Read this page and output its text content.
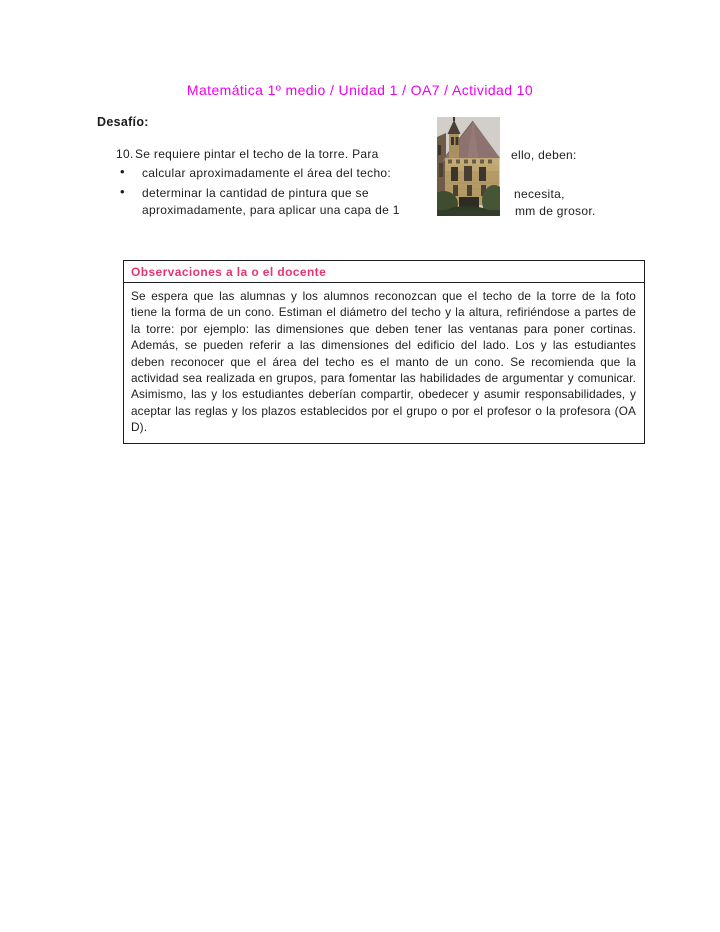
Matemática 1º medio / Unidad 1 / OA7 / Actividad 10
Desafío:
10. Se requiere pintar el techo de la torre. Para	ello, deben:
• calcular aproximadamente el área del techo:
• determinar la cantidad de pintura que se	necesita,
aproximadamente, para aplicar una capa de 1	mm de grosor.
Observaciones a la o el docente
Se espera que las alumnas y los alumnos reconozcan que el techo de la torre de la foto tiene la forma de un cono. Estiman el diámetro del techo y la altura, refiriéndose a partes de la torre: por ejemplo: las dimensiones que deben tener las ventanas para poner cortinas. Además, se pueden referir a las dimensiones del edificio del lado. Los y las estudiantes deben reconocer que el área del techo es el manto de un cono. Se recomienda que la actividad sea realizada en grupos, para fomentar las habilidades de argumentar y comunicar. Asimismo, las y los estudiantes deberían compartir, obedecer y asumir responsabilidades, y aceptar las reglas y los plazos establecidos por el grupo o por el profesor o la profesora (OA D).
